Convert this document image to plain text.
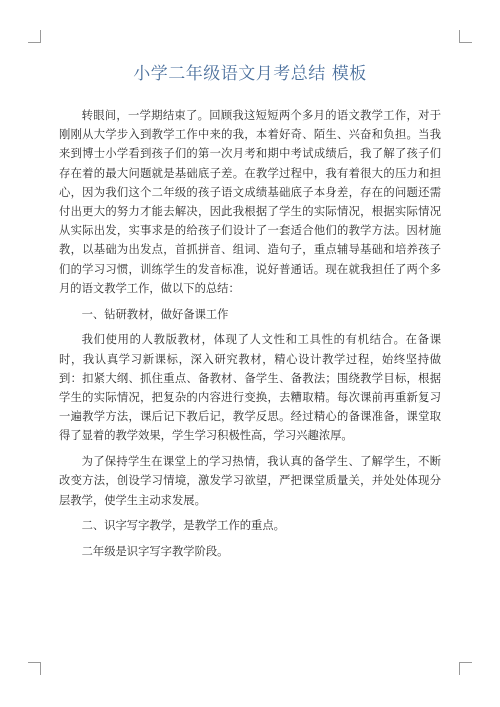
小学二年级语文月考总结 模板

转眼间，一学期结束了。回顾我这短短两个多月的语文教学工作，对于刚刚从大学步入到教学工作中来的我，本着好奇、陌生、兴奋和负担。当我来到博士小学看到孩子们的第一次月考和期中考试成绩后，我了解了孩子们存在着的最大问题就是基础底子差。在教学过程中，我有着很大的压力和担心，因为我们这个二年级的孩子语文成绩基础底子本身差，存在的问题还需付出更大的努力才能去解决，因此我根据了学生的实际情况，根据实际情况从实际出发，实事求是的给孩子们设计了一套适合他们的教学方法。因材施教，以基础为出发点，首抓拼音、组词、造句子，重点辅导基础和培养孩子们的学习习惯，训练学生的发音标准，说好普通话。现在就我担任了两个多月的语文教学工作，做以下的总结：

一、钻研教材，做好备课工作

我们使用的人教版教材，体现了人文性和工具性的有机结合。在备课时，我认真学习新课标，深入研究教材，精心设计教学过程，始终坚持做到：扣紧大纲、抓住重点、备教材、备学生、备教法；围绕教学目标，根据学生的实际情况，把复杂的内容进行变换，去糟取精。每次课前再重新复习一遍教学方法，课后记下教后记，教学反思。经过精心的备课准备，课堂取得了显着的教学效果，学生学习积极性高，学习兴趣浓厚。

为了保持学生在课堂上的学习热情，我认真的备学生、了解学生，不断改变方法，创设学习情境，激发学习欲望，严把课堂质量关，并处处体现分层教学，使学生主动求发展。

二、识字写字教学，是教学工作的重点。

二年级是识字写字教学阶段。
